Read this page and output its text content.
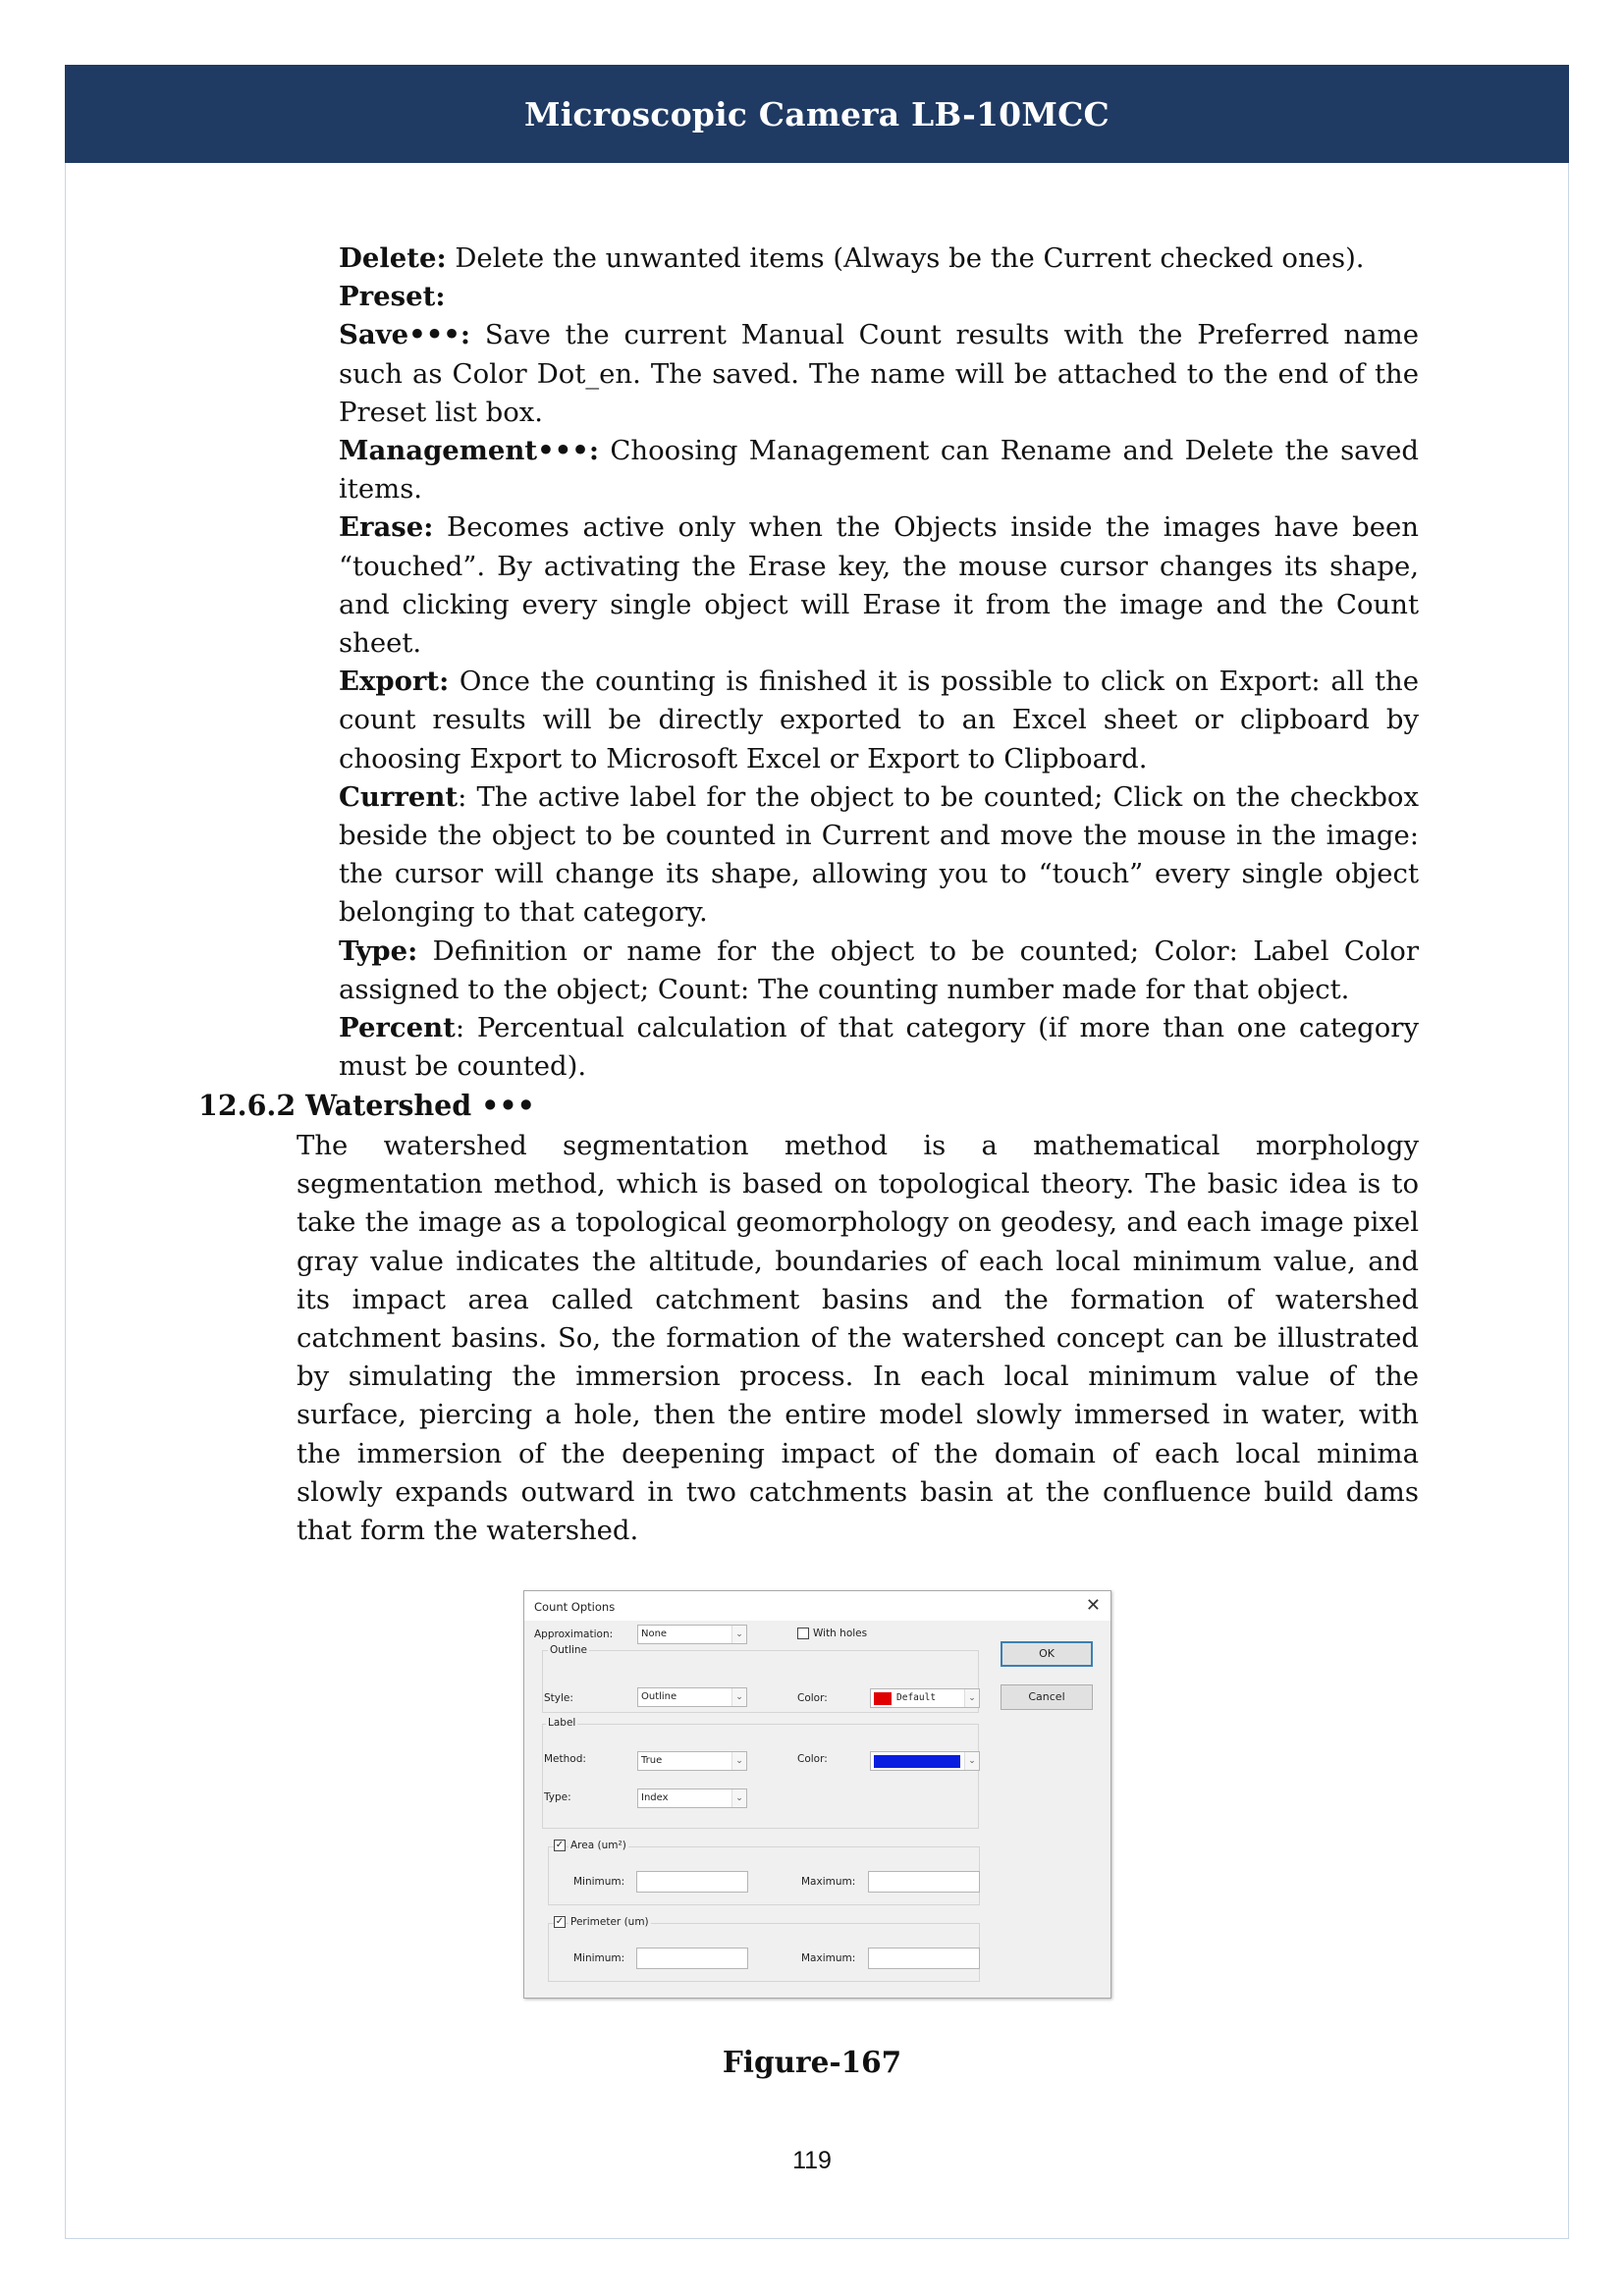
Microscopic Camera LB-10MCC

Delete: Delete the unwanted items (Always be the Current checked ones).

Preset:

Save•••: Save the current Manual Count results with the Preferred name such as Color Dot_en. The saved. The name will be attached to the end of the Preset list box.

Management•••: Choosing Management can Rename and Delete the saved items.

Erase: Becomes active only when the Objects inside the images have been “touched”. By activating the Erase key, the mouse cursor changes its shape, and clicking every single object will Erase it from the image and the Count sheet.

Export: Once the counting is finished it is possible to click on Export: all the count results will be directly exported to an Excel sheet or clipboard by choosing Export to Microsoft Excel or Export to Clipboard.

Current: The active label for the object to be counted; Click on the checkbox beside the object to be counted in Current and move the mouse in the image: the cursor will change its shape, allowing you to “touch” every single object belonging to that category.

Type: Definition or name for the object to be counted; Color: Label Color assigned to the object; Count: The counting number made for that object.

Percent: Percentual calculation of that category (if more than one category must be counted).

12.6.2 Watershed •••

The watershed segmentation method is a mathematical morphology segmentation method, which is based on topological theory. The basic idea is to take the image as a topological geomorphology on geodesy, and each image pixel gray value indicates the altitude, boundaries of each local minimum value, and its impact area called catchment basins and the formation of watershed catchment basins. So, the formation of the watershed concept can be illustrated by simulating the immersion process. In each local minimum value of the surface, piercing a hole, then the entire model slowly immersed in water, with the immersion of the deepening impact of the domain of each local minima slowly expands outward in two catchments basin at the confluence build dams that form the watershed.

Count Options	✕
Approximation:	None	⌄	With holes
OK
Cancel
Outline
Style:	Outline	⌄	Color:	Default	⌄
Label
Method:	True	⌄	Color:	⌄
Type:	Index	⌄
✓ Area (um²)
Minimum:	Maximum:
✓ Perimeter (um)
Minimum:	Maximum:
Figure-167
119
